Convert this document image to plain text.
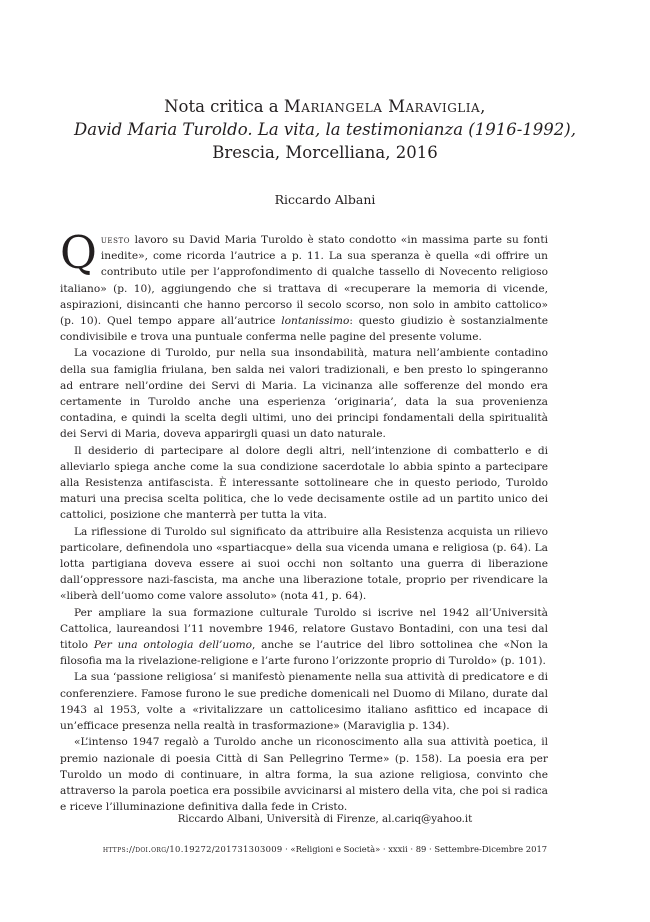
Nota critica a Mariangela Maraviglia,
David Maria Turoldo. La vita, la testimonianza (1916-1992),
Brescia, Morcelliana, 2016
Riccardo Albani

Questo lavoro su David Maria Turoldo è stato condotto «in massima parte su fonti inedite», come ricorda l’autrice a p. 11. La sua speranza è quella «di offrire un contributo utile per l’approfondimento di qualche tassello di Novecento religioso italiano» (p. 10), aggiungendo che si trattava di «recuperare la memoria di vicende, aspirazioni, disincanti che hanno percorso il secolo scorso, non solo in ambito cattolico» (p. 10). Quel tempo appare all’autrice lontanissimo: questo giudizio è sostanzialmente condivisibile e trova una puntuale conferma nelle pagine del presente volume.

La vocazione di Turoldo, pur nella sua insondabilità, matura nell’ambiente contadino della sua famiglia friulana, ben salda nei valori tradizionali, e ben presto lo spingeranno ad entrare nell’ordine dei Servi di Maria. La vicinanza alle sofferenze del mondo era certamente in Turoldo anche una esperienza ‘originaria’, data la sua provenienza contadina, e quindi la scelta degli ultimi, uno dei principi fondamentali della spiritualità dei Servi di Maria, doveva apparirgli quasi un dato naturale.

Il desiderio di partecipare al dolore degli altri, nell’intenzione di combatterlo e di alleviarlo spiega anche come la sua condizione sacerdotale lo abbia spinto a partecipare alla Resistenza antifascista. È interessante sottolineare che in questo periodo, Turoldo maturi una precisa scelta politica, che lo vede decisamente ostile ad un partito unico dei cattolici, posizione che manterrà per tutta la vita.

La riflessione di Turoldo sul significato da attribuire alla Resistenza acquista un rilievo particolare, definendola uno «spartiacque» della sua vicenda umana e religiosa (p. 64). La lotta partigiana doveva essere ai suoi occhi non soltanto una guerra di liberazione dall’oppressore nazi-fascista, ma anche una liberazione totale, proprio per rivendicare la «liberà dell’uomo come valore assoluto» (nota 41, p. 64).

Per ampliare la sua formazione culturale Turoldo si iscrive nel 1942 all’Università Cattolica, laureandosi l’11 novembre 1946, relatore Gustavo Bontadini, con una tesi dal titolo Per una ontologia dell’uomo, anche se l’autrice del libro sottolinea che «Non la filosofia ma la rivelazione-religione e l’arte furono l’orizzonte proprio di Turoldo» (p. 101).

La sua ‘passione religiosa’ si manifestò pienamente nella sua attività di predicatore e di conferenziere. Famose furono le sue prediche domenicali nel Duomo di Milano, durate dal 1943 al 1953, volte a «rivitalizzare un cattolicesimo italiano asfittico ed incapace di un’efficace presenza nella realtà in trasformazione» (Maraviglia p. 134).

«L’intenso 1947 regalò a Turoldo anche un riconoscimento alla sua attività poetica, il premio nazionale di poesia Città di San Pellegrino Terme» (p. 158). La poesia era per Turoldo un modo di continuare, in altra forma, la sua azione religiosa, convinto che attraverso la parola poetica era possibile avvicinarsi al mistero della vita, che poi si radica e riceve l’illuminazione definitiva dalla fede in Cristo.

Riccardo Albani, Università di Firenze, al.cariq@yahoo.it
https://doi.org/10.19272/201731303009 · «Religioni e Società» · xxxii · 89 · Settembre-Dicembre 2017
